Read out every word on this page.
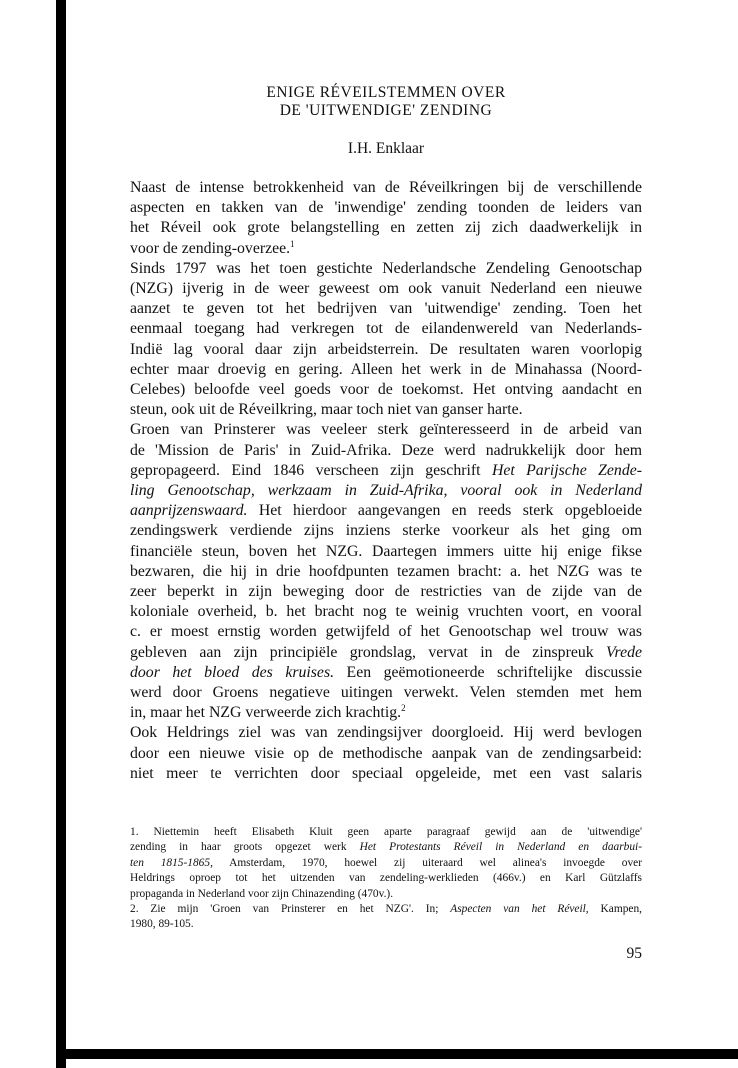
ENIGE RÉVEILSTEMMEN OVER
DE 'UITWENDIGE' ZENDING
I.H. Enklaar

Naast de intense betrokkenheid van de Réveilkringen bij de verschillende
aspecten en takken van de 'inwendige' zending toonden de leiders van
het Réveil ook grote belangstelling en zetten zij zich daadwerkelijk in
voor de zending-overzee.$^1$

Sinds 1797 was het toen gestichte Nederlandsche Zendeling Genootschap
(NZG) ijverig in de weer geweest om ook vanuit Nederland een nieuwe
aanzet te geven tot het bedrijven van 'uitwendige' zending. Toen het
eenmaal toegang had verkregen tot de eilandenwereld van Nederlands-
Indië lag vooral daar zijn arbeidsterrein. De resultaten waren voorlopig
echter maar droevig en gering. Alleen het werk in de Minahassa (Noord-
Celebes) beloofde veel goeds voor de toekomst. Het ontving aandacht en
steun, ook uit de Réveilkring, maar toch niet van ganser harte.

Groen van Prinsterer was veeleer sterk geïnteresseerd in de arbeid van
de 'Mission de Paris' in Zuid-Afrika. Deze werd nadrukkelijk door hem
gepropageerd. Eind 1846 verscheen zijn geschrift Het Parijsche Zende-
ling Genootschap, werkzaam in Zuid-Afrika, vooral ook in Nederland
aanprijzenswaard. Het hierdoor aangevangen en reeds sterk opgebloeide
zendingswerk verdiende zijns inziens sterke voorkeur als het ging om
financiële steun, boven het NZG. Daartegen immers uitte hij enige fikse
bezwaren, die hij in drie hoofdpunten tezamen bracht: a. het NZG was te
zeer beperkt in zijn beweging door de restricties van de zijde van de
koloniale overheid, b. het bracht nog te weinig vruchten voort, en vooral
c. er moest ernstig worden getwijfeld of het Genootschap wel trouw was
gebleven aan zijn principiële grondslag, vervat in de zinspreuk Vrede
door het bloed des kruises. Een geëmotioneerde schriftelijke discussie
werd door Groens negatieve uitingen verwekt. Velen stemden met hem
in, maar het NZG verweerde zich krachtig.$^2$

Ook Heldrings ziel was van zendingsijver doorgloeid. Hij werd bevlogen
door een nieuwe visie op de methodische aanpak van de zendingsarbeid:
niet meer te verrichten door speciaal opgeleide, met een vast salaris

1. Niettemin heeft Elisabeth Kluit geen aparte paragraaf gewijd aan de 'uitwendige'
zending in haar groots opgezet werk Het Protestants Réveil in Nederland en daarbui-
ten 1815-1865, Amsterdam, 1970, hoewel zij uiteraard wel alinea's invoegde over
Heldrings oproep tot het uitzenden van zendeling-werklieden (466v.) en Karl Gützlaffs
propaganda in Nederland voor zijn Chinazending (470v.).
2. Zie mijn 'Groen van Prinsterer en het NZG'. In; Aspecten van het Réveil, Kampen,
1980, 89-105.
95
